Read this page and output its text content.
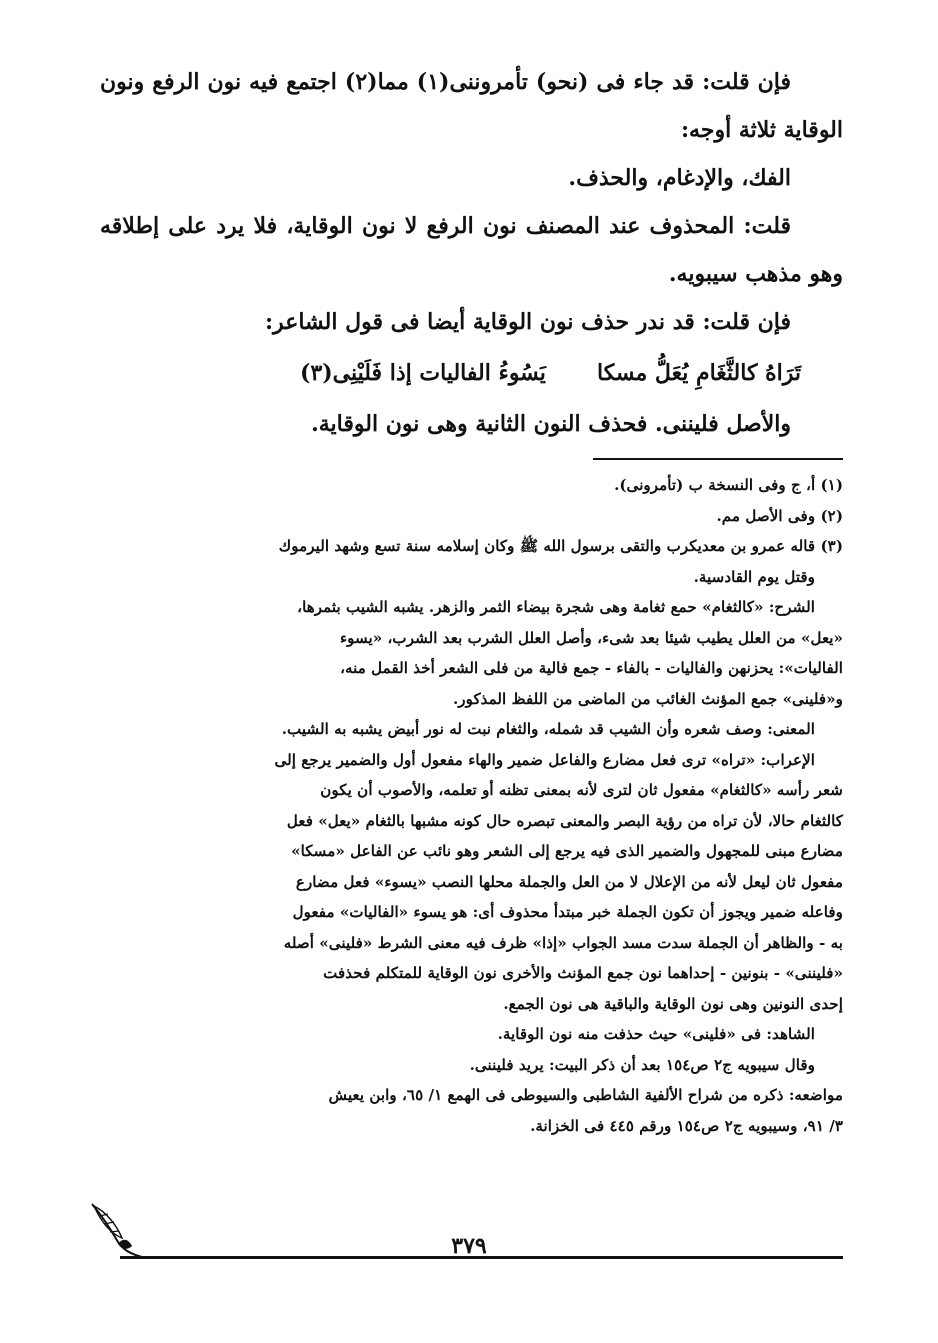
فإن قلت: قد جاء فى (نحو) تأمروننى(١) مما(٢) اجتمع فيه نون الرفع ونون الوقاية ثلاثة أوجه:

الفك، والإدغام، والحذف.

قلت: المحذوف عند المصنف نون الرفع لا نون الوقاية، فلا يرد على إطلاقه وهو مذهب سيبويه.

فإن قلت: قد ندر حذف نون الوقاية أيضا فى قول الشاعر:

تَرَاهُ كالثَّغَامِ يُعَلُّ مسكا
يَسُوءُ الفاليات إذا فَلَيْنِى(٣)

والأصل فليننى. فحذف النون الثانية وهى نون الوقاية.

(١) أ، ج وفى النسخة ب (تأمرونى).

(٢) وفى الأصل مم.

(٣) قاله عمرو بن معديكرب والتقى برسول الله ﷺ وكان إسلامه سنة تسع وشهد اليرموك

وقتل يوم القادسية.

الشرح: «كالثغام» حمع ثغامة وهى شجرة بيضاء الثمر والزهر. يشبه الشيب بثمرها،

«يعل» من العلل يطيب شيئا بعد شىء، وأصل العلل الشرب بعد الشرب، «يسوء

الفاليات»: يحزنهن والفاليات - بالفاء - جمع فالية من فلى الشعر أخذ القمل منه،

و«فلينى» جمع المؤنث الغائب من الماضى من اللفظ المذكور.

المعنى: وصف شعره وأن الشيب قد شمله، والثغام نبت له نور أبيض يشبه به الشيب.

الإعراب: «تراه» ترى فعل مضارع والفاعل ضمير والهاء مفعول أول والضمير يرجع إلى

شعر رأسه «كالثغام» مفعول ثان لترى لأنه بمعنى تظنه أو تعلمه، والأصوب أن يكون

كالثغام حالا، لأن تراه من رؤية البصر والمعنى تبصره حال كونه مشبها بالثغام «يعل» فعل

مضارع مبنى للمجهول والضمير الذى فيه يرجع إلى الشعر وهو نائب عن الفاعل «مسكا»

مفعول ثان ليعل لأنه من الإعلال لا من العل والجملة محلها النصب «يسوء» فعل مضارع

وفاعله ضمير ويجوز أن تكون الجملة خبر مبتدأ محذوف أى: هو يسوء «الفاليات» مفعول

به - والظاهر أن الجملة سدت مسد الجواب «إذا» ظرف فيه معنى الشرط «فلينى» أصله

«فليننى» - بنونين - إحداهما نون جمع المؤنث والأخرى نون الوقاية للمتكلم فحذفت

إحدى النونين وهى نون الوقاية والباقية هى نون الجمع.

الشاهد: فى «فلينى» حيث حذفت منه نون الوقاية.

وقال سيبويه ج٢ ص١٥٤ بعد أن ذكر البيت: يريد فليننى.

مواضعه: ذكره من شراح الألفية الشاطبى والسيوطى فى الهمع ١/ ٦٥، وابن يعيش

٣/ ٩١، وسيبويه ج٢ ص١٥٤ ورقم ٤٤٥ فى الخزانة.

٣٧٩
